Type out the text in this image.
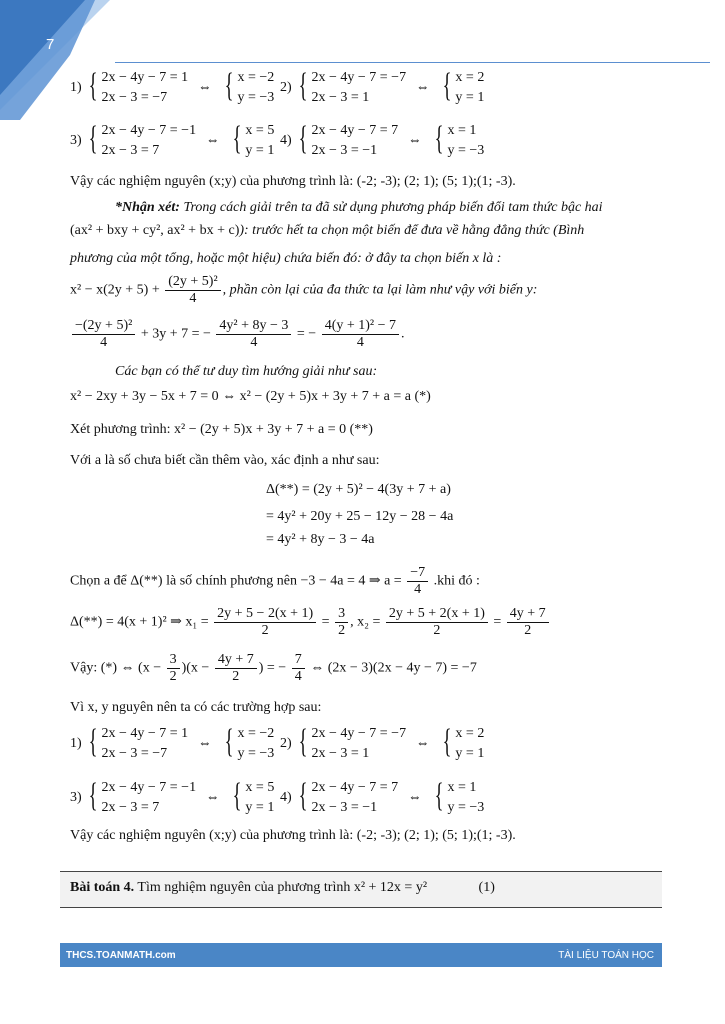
7
1) { 2x − 4y − 7 = 1
2x − 3 = −7
⇔ { x = −2
y = −3
2) { 2x − 4y − 7 = −7
2x − 3 = 1
⇔ { x = 2
y = 1
3) { 2x − 4y − 7 = −1
2x − 3 = 7
⇔ { x = 5
y = 1
4) { 2x − 4y − 7 = 7
2x − 3 = −1
⇔ { x = 1
y = −3
Vậy các nghiệm nguyên (x;y) của phương trình là: (-2; -3); (2; 1); (5; 1);(1; -3).
*Nhận xét: Trong cách giải trên ta đã sử dụng phương pháp biến đổi tam thức bậc hai
(ax² + bxy + cy², ax² + bx + c)): trước hết ta chọn một biến để đưa về hằng đẳng thức (Bình
phương của một tổng, hoặc một hiệu) chứa biến đó: ở đây ta chọn biến x là :
$x^2 - x(2y + 5) + \frac{\text{(2y + 5)²}}{4}$ , phần còn lại của đa thức ta lại làm như vậy với biến y:
$\frac{\text{−(2y + 5)²}}{4} + 3y + 7$ = − $\frac{\text{4y² + 8y − 3}}{4}$ = − $\frac{\text{4(y + 1)² − 7}}{4}$ .
Các bạn có thể tư duy tìm hướng giải như sau:
x² − 2xy + 3y − 5x + 7 = 0 ⇔ x² − (2y + 5)x + 3y + 7 + a = a (*)
Xét phương trình: x² − (2y + 5)x + 3y + 7 + a = 0 (**)
Với a là số chưa biết cần thêm vào, xác định a như sau:
Δ(**) = (2y + 5)² − 4(3y + 7 + a)
= 4y² + 20y + 25 − 12y − 28 − 4a
= 4y² + 8y − 3 − 4a
Chọn a để Δ(**) là số chính phương nên −3 − 4a = 4 ⇒ $a = \frac{-7}{4} .khi$ đó :
Δ(**) = 4(x + 1)² ⇒ $x_1 = \frac{2y + 5 - 2(x + 1)}{2} = \frac{3}{2}$ , $x_2 = \frac{2y + 5 + 2(x + 1)}{2} = \frac{4y + 7}{2}$
Vậy: (*) ⇔ $(x - \frac{3}{2} )(x - \frac{4y + 7}{2}$ ) = − $\frac{7}{4}$ ⇔ (2x − 3)(2x − 4y − 7) = −7
Vì x, y nguyên nên ta có các trường hợp sau:
1) { 2x − 4y − 7 = 1
2x − 3 = −7
⇔ { x = −2
y = −3
2) { 2x − 4y − 7 = −7
2x − 3 = 1
⇔ { x = 2
y = 1
3) { 2x − 4y − 7 = −1
2x − 3 = 7
⇔ { x = 5
y = 1
4) { 2x − 4y − 7 = 7
2x − 3 = −1
⇔ { x = 1
y = −3
Vậy các nghiệm nguyên (x;y) của phương trình là: (-2; -3); (2; 1); (5; 1);(1; -3).
Bài toán 4. Tìm nghiệm nguyên của phương trình x² + 12x = y²	(1)
THCS.TOANMATH.com	TÀI LIỆU TOÁN HỌC
